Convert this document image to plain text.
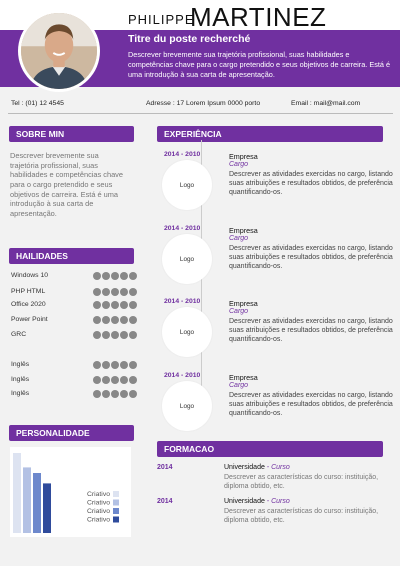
PHILIPPE
MARTINEZ
Titre du poste recherché

Descrever brevemente sua trajetória profissional, suas habilidades e competências chave para o cargo pretendido e seus objetivos de carreira. Está é uma introdução à sua carta de apresentação.

Tel : (01) 12 4545	Adresse : 17 Lorem Ipsum 0000 porto	Email : mail@mail.com
SOBRE MIN

Descrever brevemente sua trajetória profissional, suas habilidades e competências chave para o cargo pretendido e seus objetivos de carreira. Está é uma introdução à sua carta de apresentação.

HAILIDADES
Windows 10
PHP HTML
Office 2020
Power Point
GRC
Inglês
Inglês
Inglês
PERSONALIDADE
Criativo
Criativo
Criativo
Criativo
EXPERIÊNCIA
2014 - 2010
Logo
Empresa
Cargo

Descrever as atividades exercidas no cargo, listando suas atribuições e resultados obtidos, de preferência quantificando-os.

2014 - 2010
Logo
Empresa
Cargo

Descrever as atividades exercidas no cargo, listando suas atribuições e resultados obtidos, de preferência quantificando-os.

2014 - 2010
Logo
Empresa
Cargo

Descrever as atividades exercidas no cargo, listando suas atribuições e resultados obtidos, de preferência quantificando-os.

2014 - 2010
Logo
Empresa
Cargo

Descrever as atividades exercidas no cargo, listando suas atribuições e resultados obtidos, de preferência quantificando-os.

FORMACAO
2014	Universidade - Curso

Descrever as características do curso: instituição, diploma obtido, etc.

2014	Universidade - Curso

Descrever as características do curso: instituição, diploma obtido, etc.
